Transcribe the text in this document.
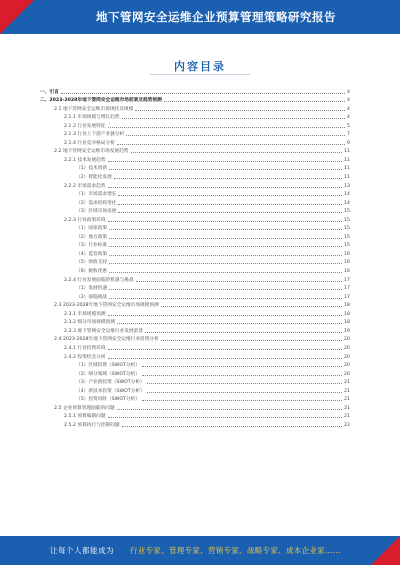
地下管网安全运维企业预算管理策略研究报告
内容目录
一、引言	4
二、2023-2028年地下管网安全运维市场前景及趋势预测	4
2.1 地下管网安全运维市场现状及规模	4
2.1.1 市场规模与增长趋势	4
2.1.2 行业发展特征	5
2.1.3 行业上下游产业链分析	7
2.1.4 行业竞争格局分析	9
2.2 地下管网安全运维市场发展趋势	11
2.2.1 技术发展趋势	11
（1）技术创新	11
（2）智能化发展	11
2.2.2 市场需求趋势	13
（1）市场需求增长	14
（2）需求结构变化	14
（3）区域市场发展	15
2.2.3 行业政策环境	15
（1）国家政策	15
（2）地方政策	15
（3）行业标准	15
（4）监管政策	16
（5）财政支持	16
（6）税收优惠	16
2.2.4 行业发展面临的机遇与挑战	17
（1）发展机遇	17
（2）面临挑战	17
2.3 2023-2028年地下管网安全运维市场规模预测	18
2.3.1 市场规模预测	18
2.3.2 细分市场规模预测	18
2.3.3 地下管网安全运维行业发展前景	19
2.4 2023-2028年地下管网安全运维行业投资分析	20
2.4.1 行业投资环境	20
2.4.2 投资机会分析	20
（1）区域投资（SWOT分析）	20
（2）细分领域（SWOT分析）	20
（3）产业链投资（SWOT分析）	21
（4）新技术投资（SWOT分析）	21
（5）投资风险（SWOT分析）	21
2.5 企业预算管理面临的问题	21
2.5.1 预算编制问题	21
2.5.2 预算执行与控制问题	22
让每个人都能成为 行业专家、管理专家、营销专家、战略专家、成本企业家……
